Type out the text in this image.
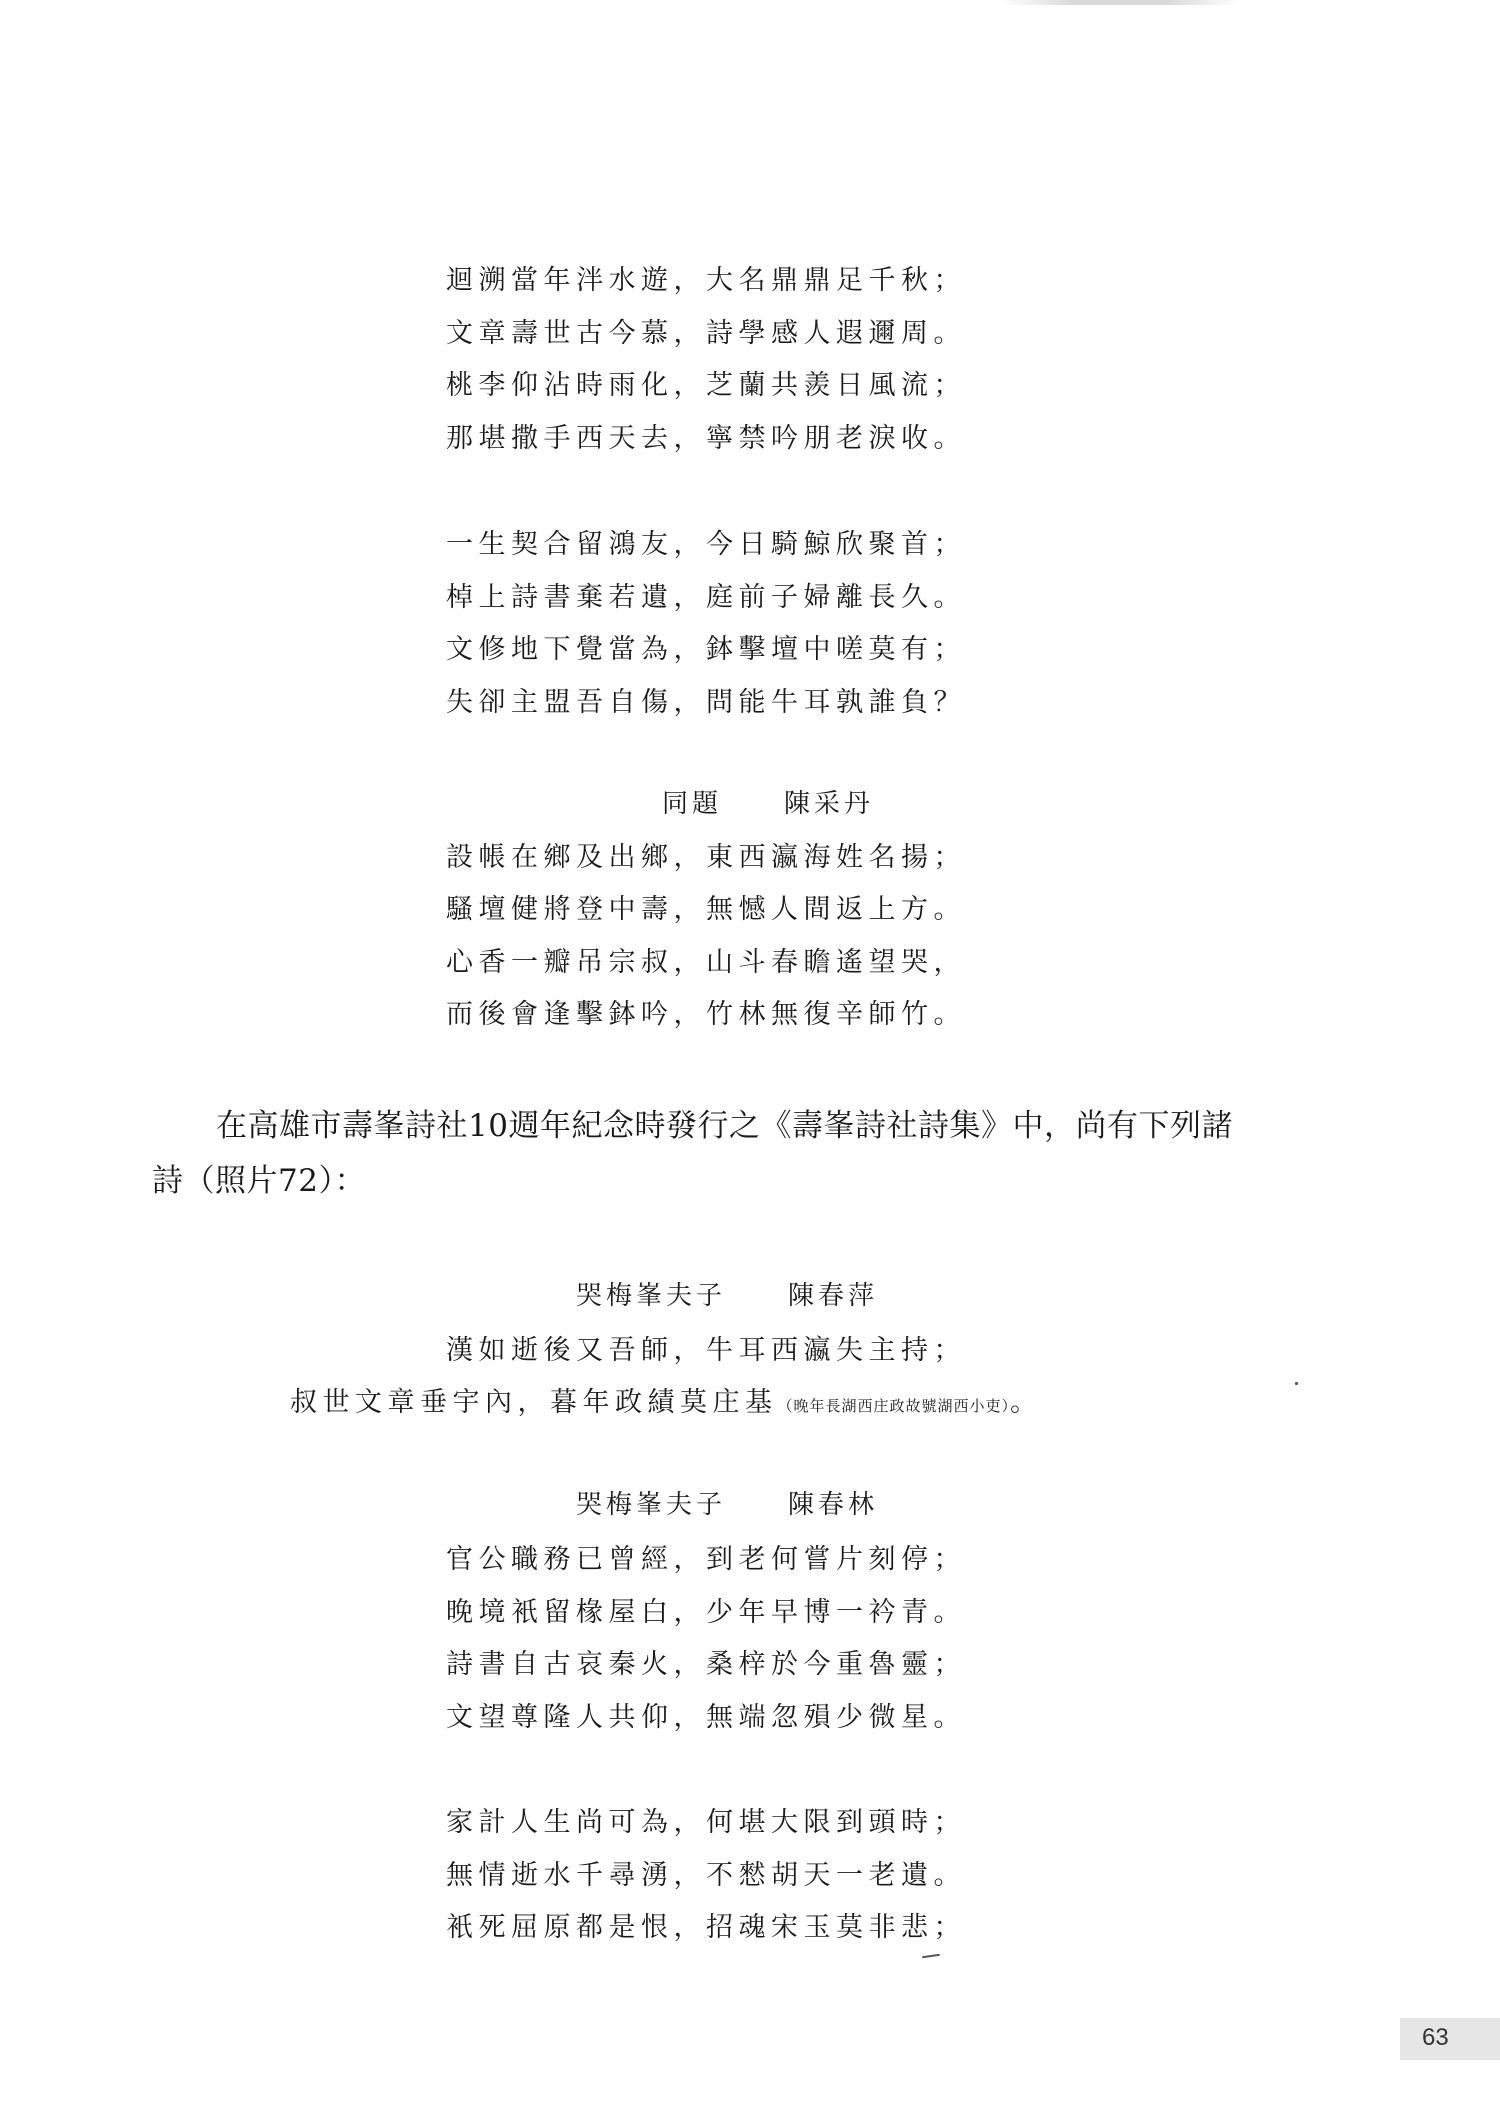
迴溯當年泮水遊，大名鼎鼎足千秋；
文章壽世古今慕，詩學感人遐邇周。
桃李仰沾時雨化，芝蘭共羨日風流；
那堪撒手西天去，寧禁吟朋老淚收。
一生契合留鴻友，今日騎鯨欣聚首；
棹上詩書棄若遺，庭前子婦離長久。
文修地下覺當為，鉢擊壇中嗟莫有；
失卻主盟吾自傷，問能牛耳孰誰負？
同題 陳采丹
設帳在鄉及出鄉，東西瀛海姓名揚；
騷壇健將登中壽，無憾人間返上方。
心香一瓣吊宗叔，山斗春瞻遙望哭，
而後會逢擊鉢吟，竹林無復辛師竹。
在高雄市壽峯詩社10週年紀念時發行之《壽峯詩社詩集》中，尚有下列諸
詩（照片72）：
哭梅峯夫子 陳春萍
漢如逝後又吾師，牛耳西瀛失主持；
叔世文章垂宇內，暮年政績莫庄基（晚年長湖西庄政故號湖西小吏）。
哭梅峯夫子 陳春林
官公職務已曾經，到老何嘗片刻停；
晚境衹留椽屋白，少年早博一衿青。
詩書自古哀秦火，桑梓於今重魯靈；
文望尊隆人共仰，無端忽殞少微星。
家計人生尚可為，何堪大限到頭時；
無情逝水千尋湧，不憖胡天一老遺。
衹死屈原都是恨，招魂宋玉莫非悲；
63
